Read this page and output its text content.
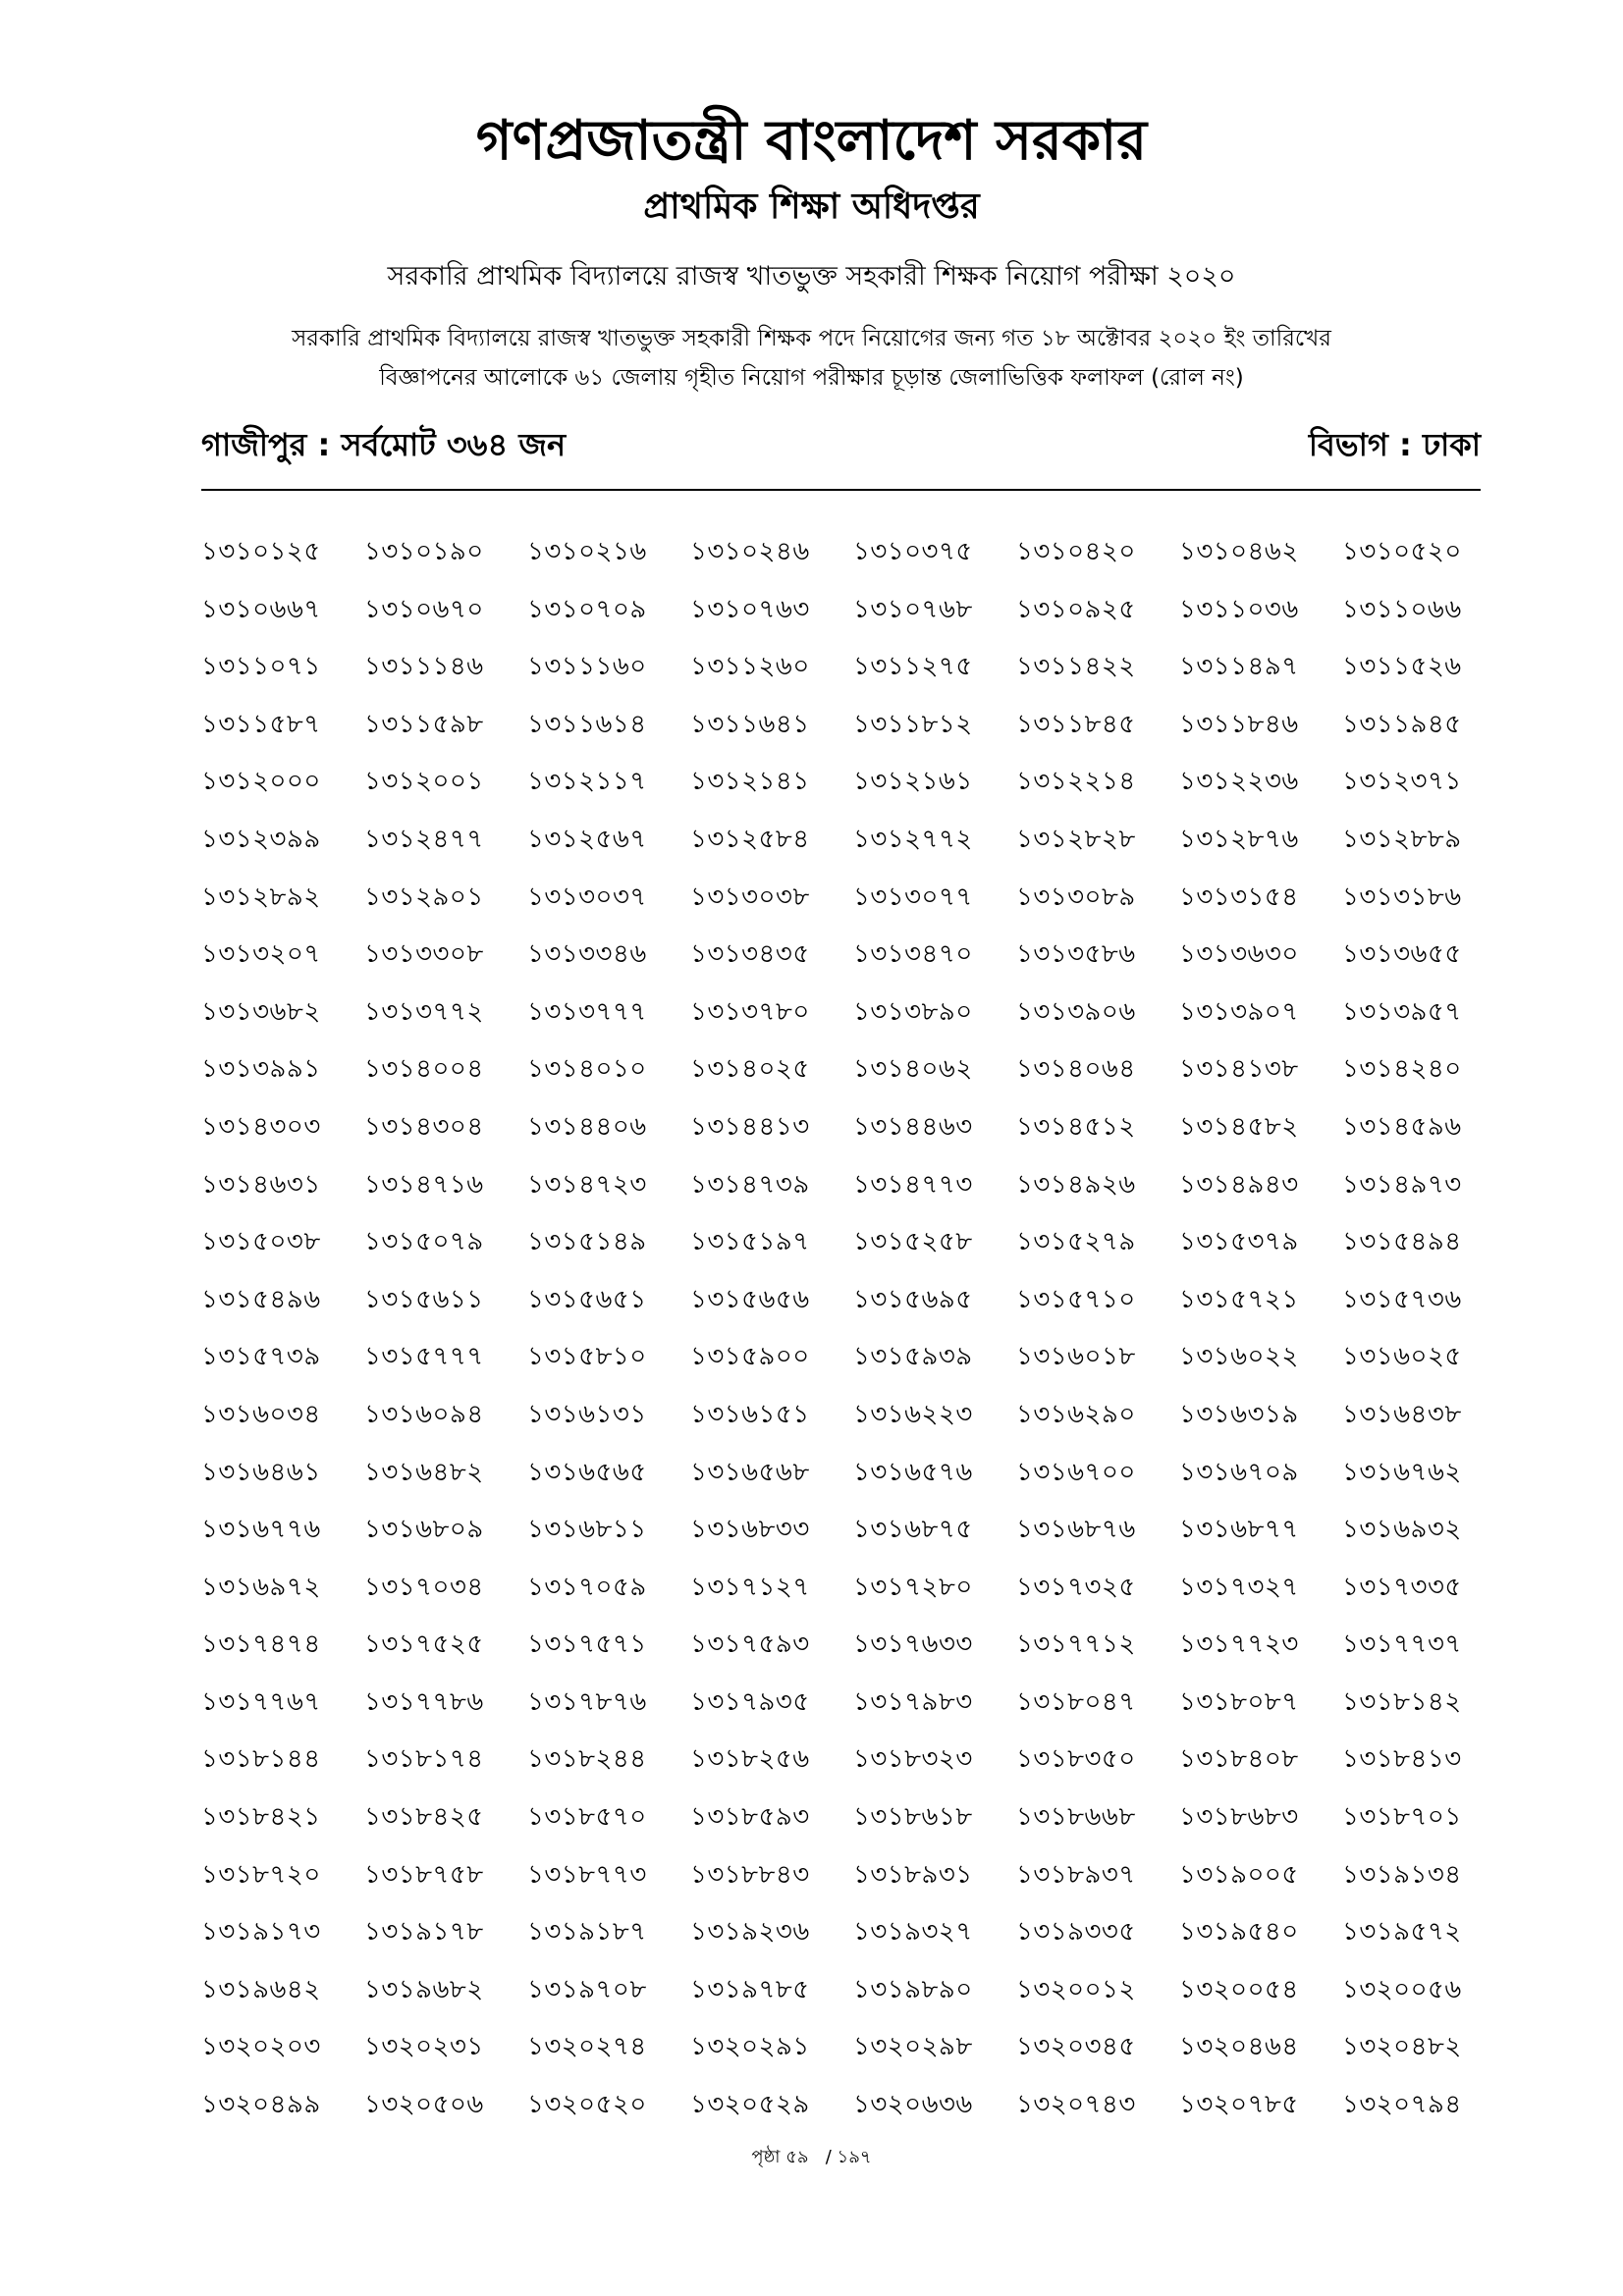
গণপ্রজাতন্ত্রী বাংলাদেশ সরকার
প্রাথমিক শিক্ষা অধিদপ্তর
সরকারি প্রাথমিক বিদ্যালয়ে রাজস্ব খাতভুক্ত সহকারী শিক্ষক নিয়োগ পরীক্ষা ২০২০
সরকারি প্রাথমিক বিদ্যালয়ে রাজস্ব খাতভুক্ত সহকারী শিক্ষক পদে নিয়োগের জন্য গত ১৮ অক্টোবর ২০২০ ইং তারিখের
বিজ্ঞাপনের আলোকে ৬১ জেলায় গৃহীত নিয়োগ পরীক্ষার চূড়ান্ত জেলাভিত্তিক ফলাফল (রোল নং)
গাজীপুর : সর্বমোট ৩৬৪ জন	বিভাগ : ঢাকা
১৩১০১২৫	১৩১০১৯০	১৩১০২১৬	১৩১০২৪৬	১৩১০৩৭৫	১৩১০৪২০	১৩১০৪৬২	১৩১০৫২০
১৩১০৬৬৭	১৩১০৬৭০	১৩১০৭০৯	১৩১০৭৬৩	১৩১০৭৬৮	১৩১০৯২৫	১৩১১০৩৬	১৩১১০৬৬
১৩১১০৭১	১৩১১১৪৬	১৩১১১৬০	১৩১১২৬০	১৩১১২৭৫	১৩১১৪২২	১৩১১৪৯৭	১৩১১৫২৬
১৩১১৫৮৭	১৩১১৫৯৮	১৩১১৬১৪	১৩১১৬৪১	১৩১১৮১২	১৩১১৮৪৫	১৩১১৮৪৬	১৩১১৯৪৫
১৩১২০০০	১৩১২০০১	১৩১২১১৭	১৩১২১৪১	১৩১২১৬১	১৩১২২১৪	১৩১২২৩৬	১৩১২৩৭১
১৩১২৩৯৯	১৩১২৪৭৭	১৩১২৫৬৭	১৩১২৫৮৪	১৩১২৭৭২	১৩১২৮২৮	১৩১২৮৭৬	১৩১২৮৮৯
১৩১২৮৯২	১৩১২৯০১	১৩১৩০৩৭	১৩১৩০৩৮	১৩১৩০৭৭	১৩১৩০৮৯	১৩১৩১৫৪	১৩১৩১৮৬
১৩১৩২০৭	১৩১৩৩০৮	১৩১৩৩৪৬	১৩১৩৪৩৫	১৩১৩৪৭০	১৩১৩৫৮৬	১৩১৩৬৩০	১৩১৩৬৫৫
১৩১৩৬৮২	১৩১৩৭৭২	১৩১৩৭৭৭	১৩১৩৭৮০	১৩১৩৮৯০	১৩১৩৯০৬	১৩১৩৯০৭	১৩১৩৯৫৭
১৩১৩৯৯১	১৩১৪০০৪	১৩১৪০১০	১৩১৪০২৫	১৩১৪০৬২	১৩১৪০৬৪	১৩১৪১৩৮	১৩১৪২৪০
১৩১৪৩০৩	১৩১৪৩০৪	১৩১৪৪০৬	১৩১৪৪১৩	১৩১৪৪৬৩	১৩১৪৫১২	১৩১৪৫৮২	১৩১৪৫৯৬
১৩১৪৬৩১	১৩১৪৭১৬	১৩১৪৭২৩	১৩১৪৭৩৯	১৩১৪৭৭৩	১৩১৪৯২৬	১৩১৪৯৪৩	১৩১৪৯৭৩
১৩১৫০৩৮	১৩১৫০৭৯	১৩১৫১৪৯	১৩১৫১৯৭	১৩১৫২৫৮	১৩১৫২৭৯	১৩১৫৩৭৯	১৩১৫৪৯৪
১৩১৫৪৯৬	১৩১৫৬১১	১৩১৫৬৫১	১৩১৫৬৫৬	১৩১৫৬৯৫	১৩১৫৭১০	১৩১৫৭২১	১৩১৫৭৩৬
১৩১৫৭৩৯	১৩১৫৭৭৭	১৩১৫৮১০	১৩১৫৯০০	১৩১৫৯৩৯	১৩১৬০১৮	১৩১৬০২২	১৩১৬০২৫
১৩১৬০৩৪	১৩১৬০৯৪	১৩১৬১৩১	১৩১৬১৫১	১৩১৬২২৩	১৩১৬২৯০	১৩১৬৩১৯	১৩১৬৪৩৮
১৩১৬৪৬১	১৩১৬৪৮২	১৩১৬৫৬৫	১৩১৬৫৬৮	১৩১৬৫৭৬	১৩১৬৭০০	১৩১৬৭০৯	১৩১৬৭৬২
১৩১৬৭৭৬	১৩১৬৮০৯	১৩১৬৮১১	১৩১৬৮৩৩	১৩১৬৮৭৫	১৩১৬৮৭৬	১৩১৬৮৭৭	১৩১৬৯৩২
১৩১৬৯৭২	১৩১৭০৩৪	১৩১৭০৫৯	১৩১৭১২৭	১৩১৭২৮০	১৩১৭৩২৫	১৩১৭৩২৭	১৩১৭৩৩৫
১৩১৭৪৭৪	১৩১৭৫২৫	১৩১৭৫৭১	১৩১৭৫৯৩	১৩১৭৬৩৩	১৩১৭৭১২	১৩১৭৭২৩	১৩১৭৭৩৭
১৩১৭৭৬৭	১৩১৭৭৮৬	১৩১৭৮৭৬	১৩১৭৯৩৫	১৩১৭৯৮৩	১৩১৮০৪৭	১৩১৮০৮৭	১৩১৮১৪২
১৩১৮১৪৪	১৩১৮১৭৪	১৩১৮২৪৪	১৩১৮২৫৬	১৩১৮৩২৩	১৩১৮৩৫০	১৩১৮৪০৮	১৩১৮৪১৩
১৩১৮৪২১	১৩১৮৪২৫	১৩১৮৫৭০	১৩১৮৫৯৩	১৩১৮৬১৮	১৩১৮৬৬৮	১৩১৮৬৮৩	১৩১৮৭০১
১৩১৮৭২০	১৩১৮৭৫৮	১৩১৮৭৭৩	১৩১৮৮৪৩	১৩১৮৯৩১	১৩১৮৯৩৭	১৩১৯০০৫	১৩১৯১৩৪
১৩১৯১৭৩	১৩১৯১৭৮	১৩১৯১৮৭	১৩১৯২৩৬	১৩১৯৩২৭	১৩১৯৩৩৫	১৩১৯৫৪০	১৩১৯৫৭২
১৩১৯৬৪২	১৩১৯৬৮২	১৩১৯৭০৮	১৩১৯৭৮৫	১৩১৯৮৯০	১৩২০০১২	১৩২০০৫৪	১৩২০০৫৬
১৩২০২০৩	১৩২০২৩১	১৩২০২৭৪	১৩২০২৯১	১৩২০২৯৮	১৩২০৩৪৫	১৩২০৪৬৪	১৩২০৪৮২
১৩২০৪৯৯	১৩২০৫০৬	১৩২০৫২০	১৩২০৫২৯	১৩২০৬৩৬	১৩২০৭৪৩	১৩২০৭৮৫	১৩২০৭৯৪
পৃষ্ঠা ৫৯   / ১৯৭
